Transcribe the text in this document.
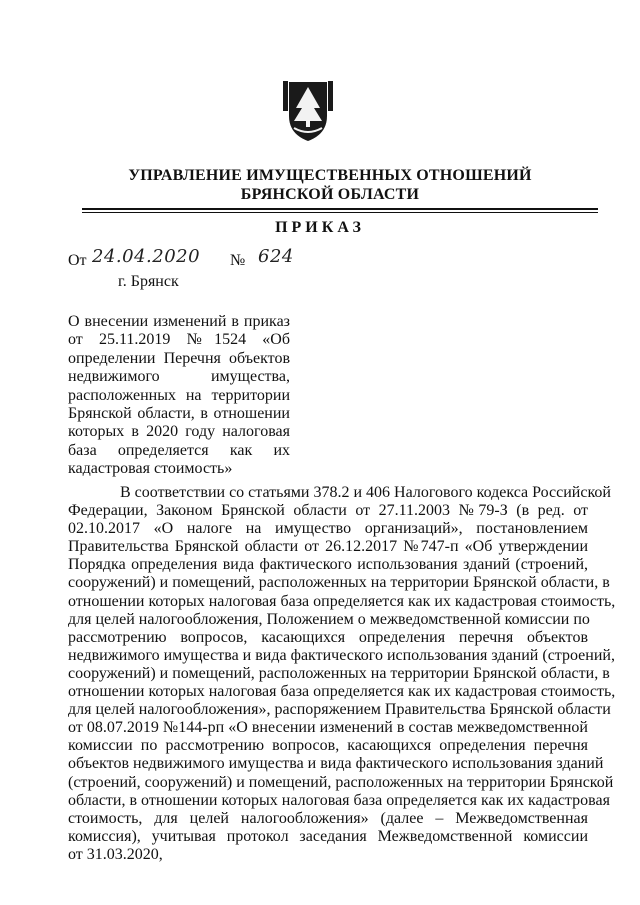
УПРАВЛЕНИЕ ИМУЩЕСТВЕННЫХ ОТНОШЕНИЙ
БРЯНСКОЙ ОБЛАСТИ
ПРИКАЗ
От 24.04.2020 № 624
г. Брянск
О внесении изменений в приказ
от 25.11.2019 №1524 «Об
определении Перечня объектов
недвижимого имущества,
расположенных на территории
Брянской области, в отношении
которых в 2020 году налоговая
база определяется как их
кадастровая стоимость»
В соответствии со статьями 378.2 и 406 Налогового кодекса Российской
Федерации, Законом Брянской области от 27.11.2003 №79-З (в ред. от
02.10.2017 «О налоге на имущество организаций», постановлением
Правительства Брянской области от 26.12.2017 №747-п «Об утверждении
Порядка определения вида фактического использования зданий (строений,
сооружений) и помещений, расположенных на территории Брянской области, в
отношении которых налоговая база определяется как их кадастровая стоимость,
для целей налогообложения, Положением о межведомственной комиссии по
рассмотрению вопросов, касающихся определения перечня объектов
недвижимого имущества и вида фактического использования зданий (строений,
сооружений) и помещений, расположенных на территории Брянской области, в
отношении которых налоговая база определяется как их кадастровая стоимость,
для целей налогообложения», распоряжением Правительства Брянской области
от 08.07.2019 №144-рп «О внесении изменений в состав межведомственной
комиссии по рассмотрению вопросов, касающихся определения перечня
объектов недвижимого имущества и вида фактического использования зданий
(строений, сооружений) и помещений, расположенных на территории Брянской
области, в отношении которых налоговая база определяется как их кадастровая
стоимость, для целей налогообложения» (далее – Межведомственная
комиссия), учитывая протокол заседания Межведомственной комиссии
от 31.03.2020,
